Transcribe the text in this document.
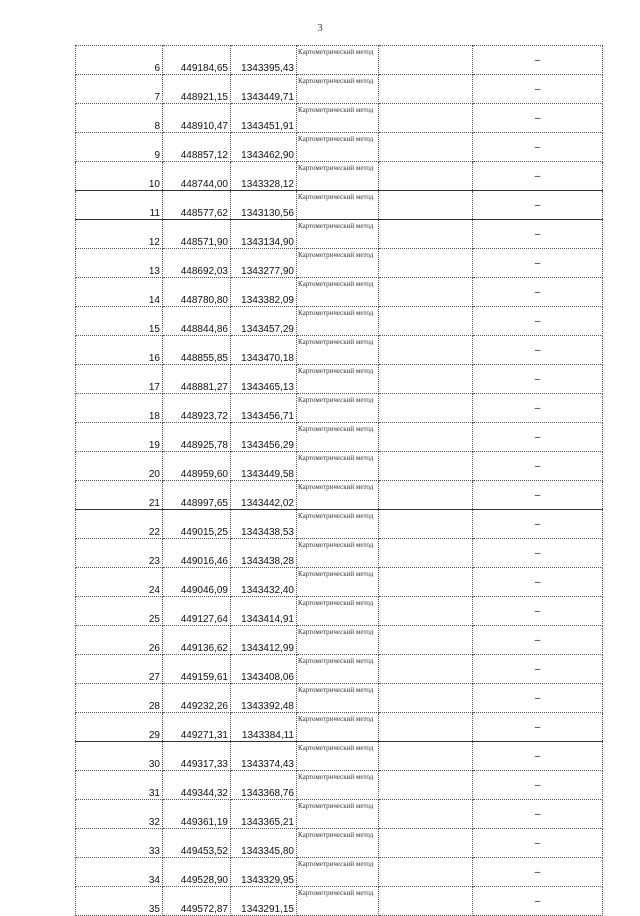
3
6	449184,65	1343395,43	Картометрический метод		–
7	448921,15	1343449,71	Картометрический метод		–
8	448910,47	1343451,91	Картометрический метод		–
9	448857,12	1343462,90	Картометрический метод		–
10	448744,00	1343328,12	Картометрический метод		–
11	448577,62	1343130,56	Картометрический метод		–
12	448571,90	1343134,90	Картометрический метод		–
13	448692,03	1343277,90	Картометрический метод		–
14	448780,80	1343382,09	Картометрический метод		–
15	448844,86	1343457,29	Картометрический метод		–
16	448855,85	1343470,18	Картометрический метод		–
17	448881,27	1343465,13	Картометрический метод		–
18	448923,72	1343456,71	Картометрический метод		–
19	448925,78	1343456,29	Картометрический метод		–
20	448959,60	1343449,58	Картометрический метод		–
21	448997,65	1343442,02	Картометрический метод		–
22	449015,25	1343438,53	Картометрический метод		–
23	449016,46	1343438,28	Картометрический метод		–
24	449046,09	1343432,40	Картометрический метод		–
25	449127,64	1343414,91	Картометрический метод		–
26	449136,62	1343412,99	Картометрический метод		–
27	449159,61	1343408,06	Картометрический метод		–
28	449232,26	1343392,48	Картометрический метод		–
29	449271,31	1343384,11	Картометрический метод		–
30	449317,33	1343374,43	Картометрический метод		–
31	449344,32	1343368,76	Картометрический метод		–
32	449361,19	1343365,21	Картометрический метод		–
33	449453,52	1343345,80	Картометрический метод		–
34	449528,90	1343329,95	Картометрический метод		–
35	449572,87	1343291,15	Картометрический метод		–
